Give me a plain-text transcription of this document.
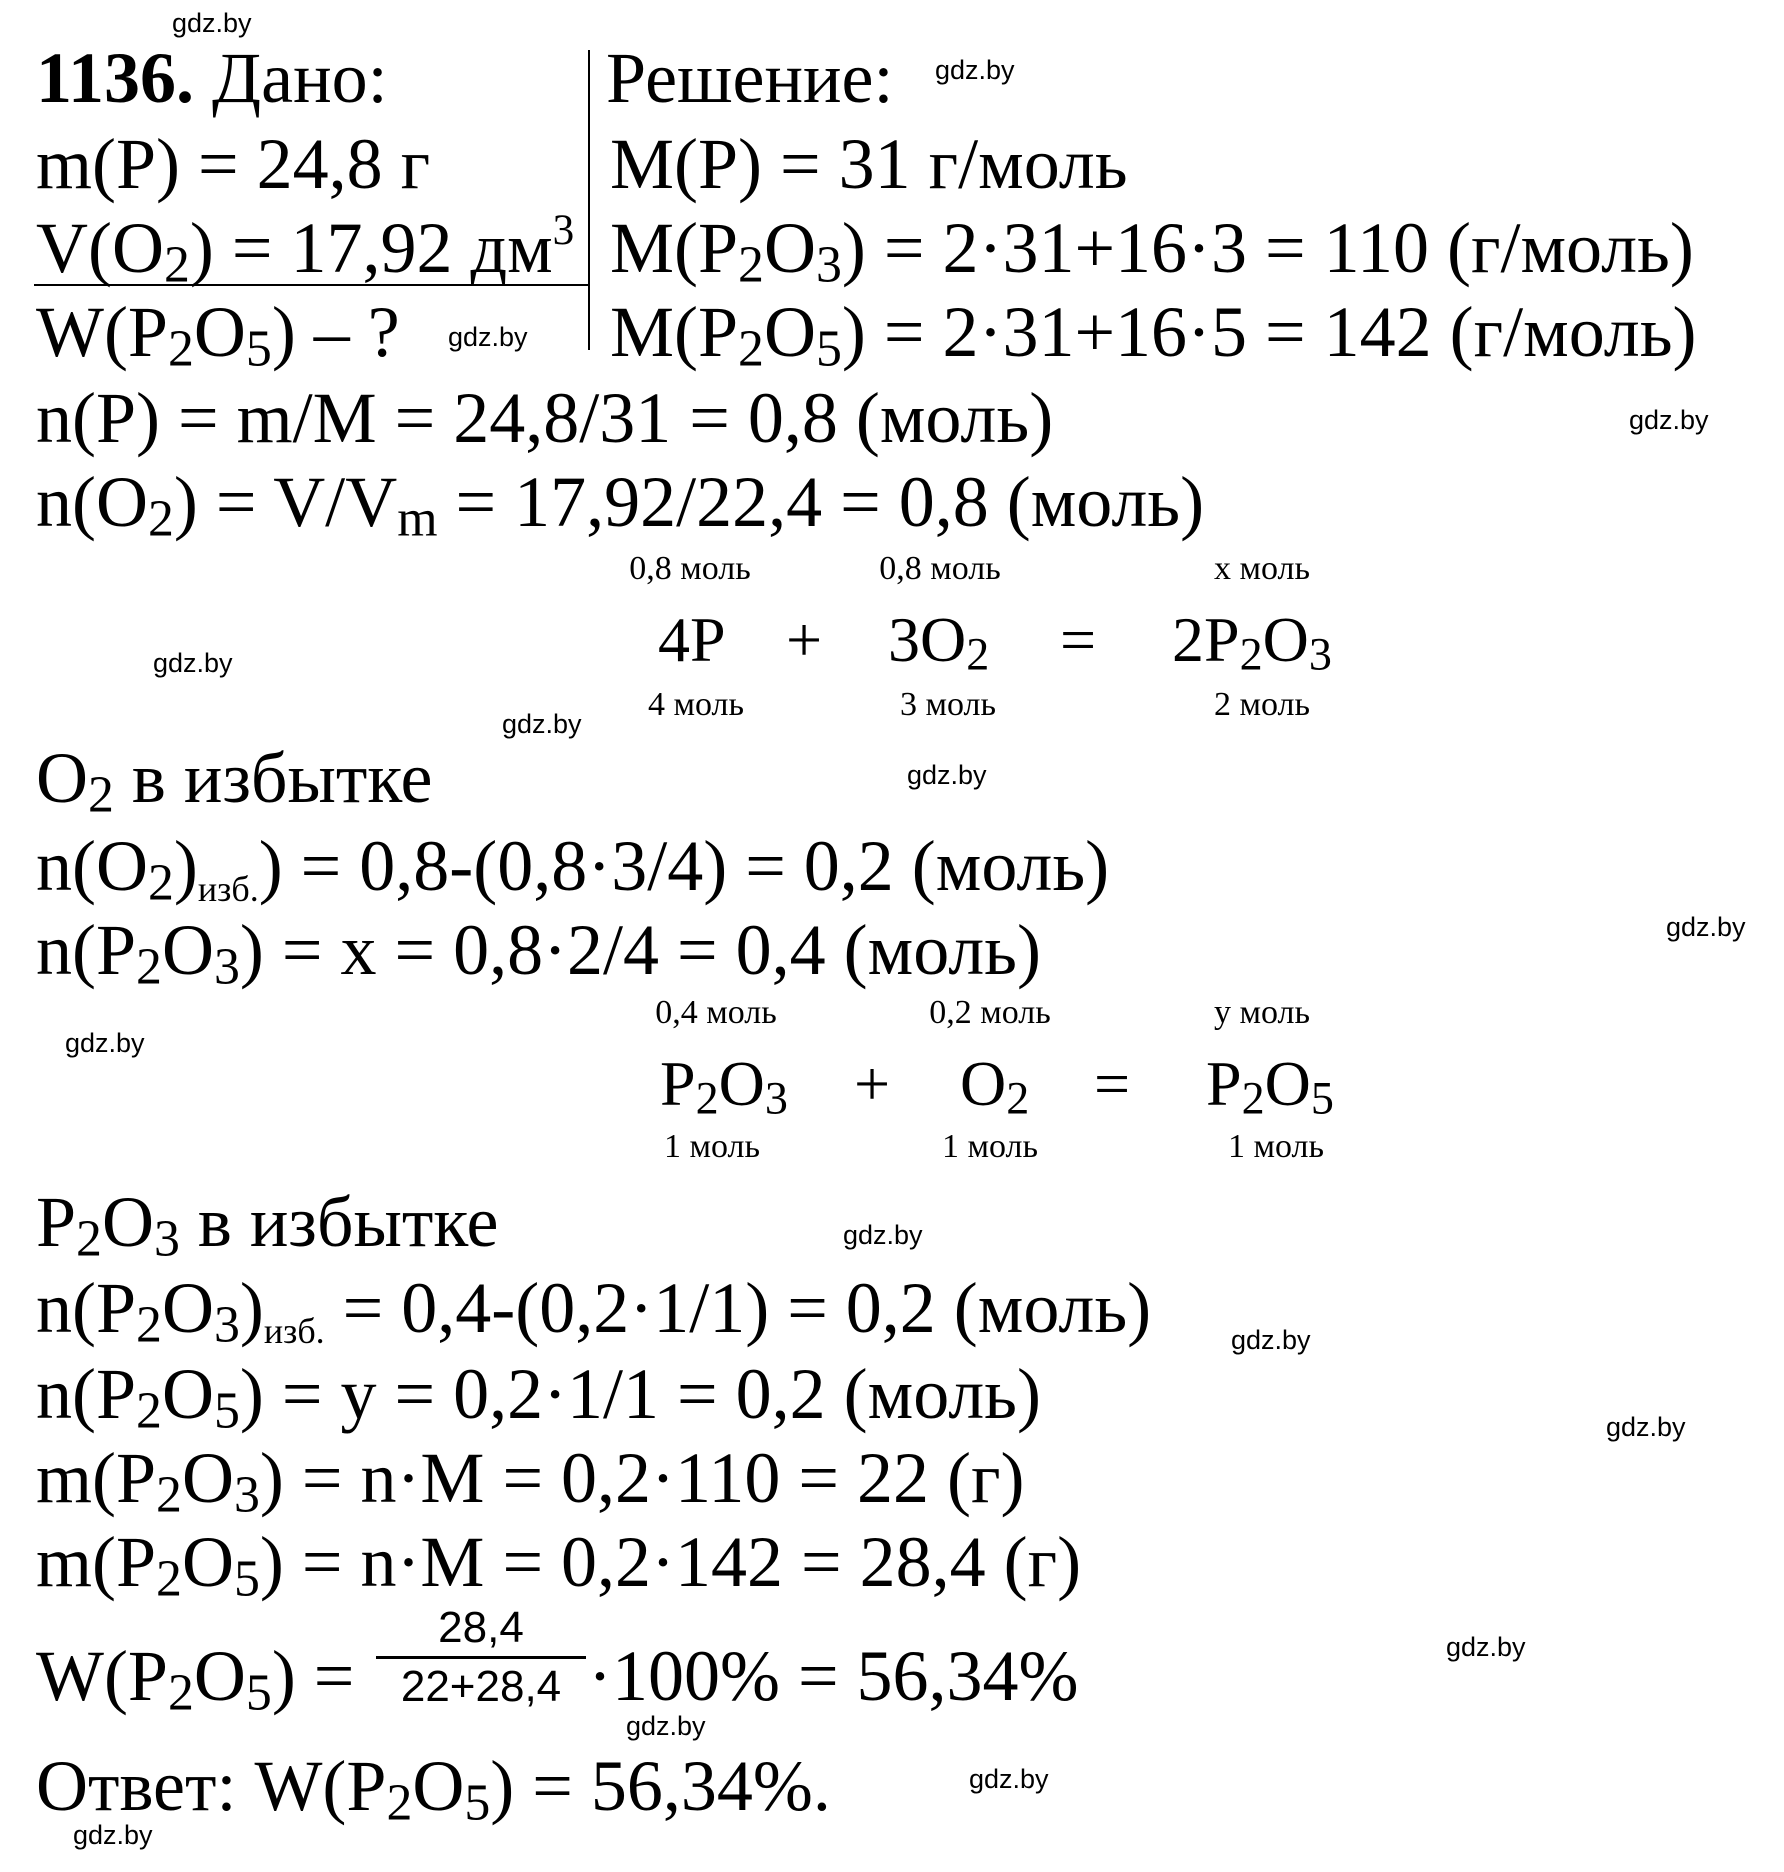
gdz.by
gdz.by
gdz.by
gdz.by
gdz.by
gdz.by
gdz.by
gdz.by
gdz.by
gdz.by
gdz.by
gdz.by
gdz.by
gdz.by
gdz.by
gdz.by
1136. Дано:	Решение:
m(P) = 24,8 г
$V(O_2) = 17,92$ $дм^3$
$W(P_2O_5)$ – ?
M(P) = 31 г/моль
$M(P_2O_3) = 2\cdot 31+16\cdot 3 = 110$ (г/моль)
$M(P_2O_5) = 2\cdot 31+16\cdot 5 = 142$ (г/моль)
n(P) = m/M = 24,8/31 = 0,8 (моль)
$n(O_2) = V/V_m = 17,92/22,4 = 0,8$ (моль)
0,8 моль	0,8 моль	x моль
$4P + 3O_2 = 2P_2O_3$
4 моль	3 моль	2 моль
$O_2$ в избытке
$n(O_2)изб.) = 0,8-(0,8\cdot 3/4) = 0,2$ (моль)
$n(P_2O_3) = x = 0,8\cdot 2/4 = 0,4$ (моль)
0,4 моль	0,2 моль	y моль
$P_2O_3 + O_2 = P_2O_5$
1 моль	1 моль	1 моль
$P_2O_3$ в избытке
$n(P_2O_3)изб$. = 0,4-(0,2·1/1) = 0,2 (моль)
$n(P_2O_5) = y = 0,2\cdot 1/1 = 0,2$ (моль)
$m(P_2O_3) = n\cdot M = 0,2\cdot 110 = 22$ (г)
$m(P_2O_5) = n\cdot M = 0,2\cdot 142 = 28,4$ (г)
$W(P_2O_5)$ =
28,4
22+28,4 ·100% = 56,34%
Ответ: $W(P_2O_5) = 56,34\%$.
